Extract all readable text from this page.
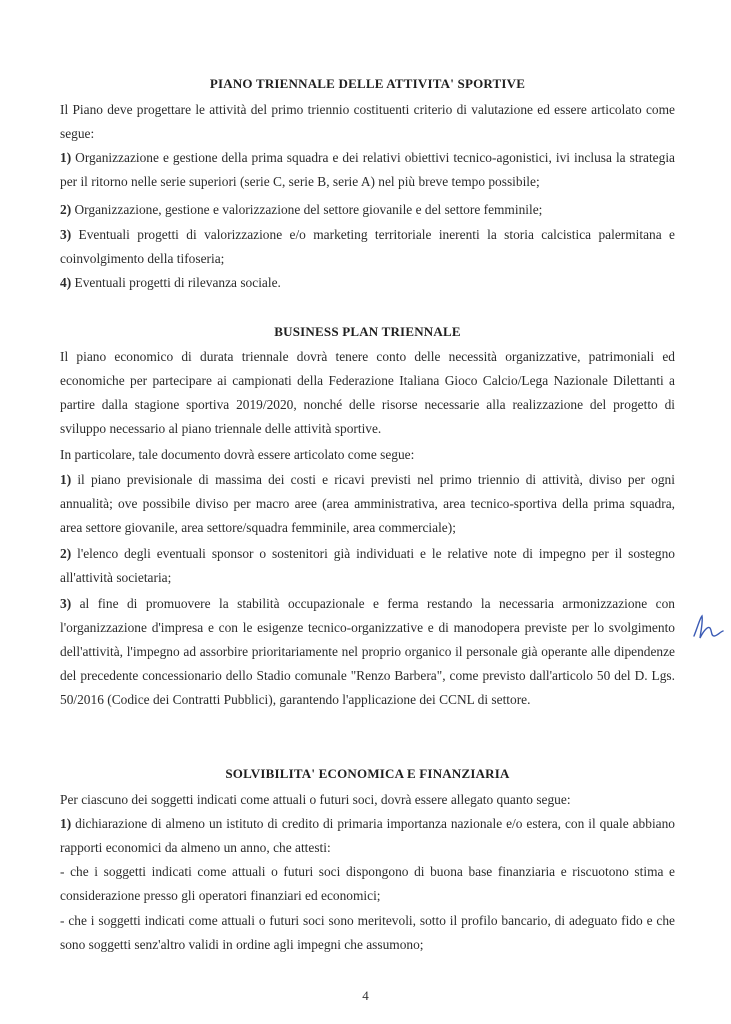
PIANO TRIENNALE DELLE ATTIVITA' SPORTIVE
Il Piano deve progettare le attività del primo triennio costituenti criterio di valutazione ed essere articolato come segue:
1) Organizzazione e gestione della prima squadra e dei relativi obiettivi tecnico-agonistici, ivi inclusa la strategia per il ritorno nelle serie superiori (serie C, serie B, serie A) nel più breve tempo possibile;
2) Organizzazione, gestione e valorizzazione del settore giovanile e del settore femminile;
3) Eventuali progetti di valorizzazione e/o marketing territoriale inerenti la storia calcistica palermitana e coinvolgimento della tifoseria;
4) Eventuali progetti di rilevanza sociale.
BUSINESS PLAN TRIENNALE
Il piano economico di durata triennale dovrà tenere conto delle necessità organizzative, patrimoniali ed economiche per partecipare ai campionati della Federazione Italiana Gioco Calcio/Lega Nazionale Dilettanti a partire dalla stagione sportiva 2019/2020, nonché delle risorse necessarie alla realizzazione del progetto di sviluppo necessario al piano triennale delle attività sportive.
In particolare, tale documento dovrà essere articolato come segue:
1) il piano previsionale di massima dei costi e ricavi previsti nel primo triennio di attività, diviso per ogni annualità; ove possibile diviso per macro aree (area amministrativa, area tecnico-sportiva della prima squadra, area settore giovanile, area settore/squadra femminile, area commerciale);
2) l'elenco degli eventuali sponsor o sostenitori già individuati e le relative note di impegno per il sostegno all'attività societaria;
3) al fine di promuovere la stabilità occupazionale e ferma restando la necessaria armonizzazione con l'organizzazione d'impresa e con le esigenze tecnico-organizzative e di manodopera previste per lo svolgimento dell'attività, l'impegno ad assorbire prioritariamente nel proprio organico il personale già operante alle dipendenze del precedente concessionario dello Stadio comunale "Renzo Barbera", come previsto dall'articolo 50 del D. Lgs. 50/2016 (Codice dei Contratti Pubblici), garantendo l'applicazione dei CCNL di settore.
SOLVIBILITA' ECONOMICA E FINANZIARIA
Per ciascuno dei soggetti indicati come attuali o futuri soci, dovrà essere allegato quanto segue:
1) dichiarazione di almeno un istituto di credito di primaria importanza nazionale e/o estera, con il quale abbiano rapporti economici da almeno un anno, che attesti:
- che i soggetti indicati come attuali o futuri soci dispongono di buona base finanziaria e riscuotono stima e considerazione presso gli operatori finanziari ed economici;
- che i soggetti indicati come attuali o futuri soci sono meritevoli, sotto il profilo bancario, di adeguato fido e che sono soggetti senz'altro validi in ordine agli impegni che assumono;
4
